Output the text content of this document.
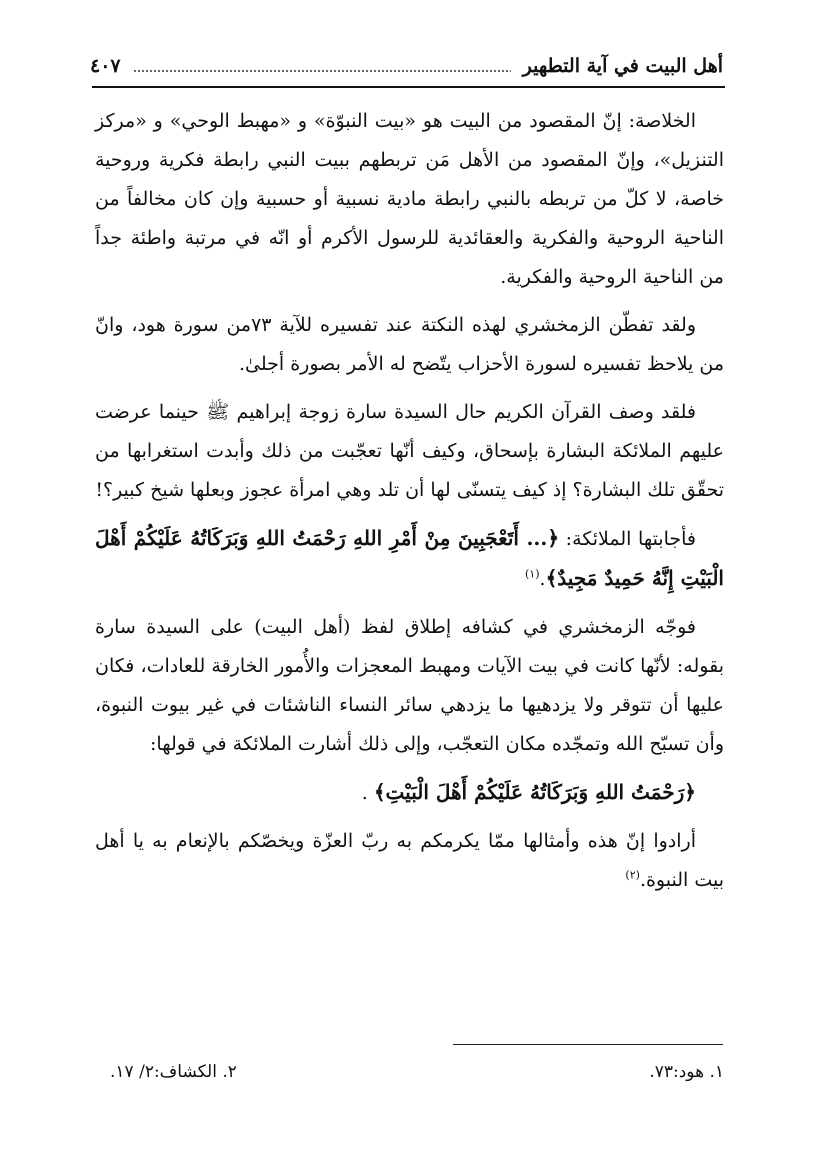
أهل البيت في آية التطهير
٤٠٧

الخلاصة: إنّ المقصود من البيت هو «بيت النبوّة» و «مهبط الوحي» و «مركز التنزيل»، وإنّ المقصود من الأهل مَن تربطهم ببيت النبي رابطة فكرية وروحية خاصة، لا كلّ من تربطه بالنبي رابطة مادية نسبية أو حسبية وإن كان مخالفاً من الناحية الروحية والفكرية والعقائدية للرسول الأكرم أو انّه في مرتبة واطئة جداً من الناحية الروحية والفكرية.

ولقد تفطّن الزمخشري لهذه النكتة عند تفسيره للآية ٧٣من سورة هود، وانّ من يلاحظ تفسيره لسورة الأحزاب يتّضح له الأمر بصورة أجلىٰ.

فلقد وصف القرآن الكريم حال السيدة سارة زوجة إبراهيم ﷺ حينما عرضت عليهم الملائكة البشارة بإسحاق، وكيف أنّها تعجّبت من ذلك وأبدت استغرابها من تحقّق تلك البشارة؟ إذ كيف يتسنّى لها أن تلد وهي امرأة عجوز وبعلها شيخ كبير؟!

فأجابتها الملائكة: ﴿... أَتَعْجَبِينَ مِنْ أَمْرِ اللهِ رَحْمَتُ اللهِ وَبَرَكَاتُهُ عَلَيْكُمْ أَهْلَ الْبَيْتِ إِنَّهُ حَمِيدٌ مَجِيدٌ﴾.$^{(١)}$

فوجّه الزمخشري في كشافه إطلاق لفظ (أهل البيت) على السيدة سارة بقوله: لأنّها كانت في بيت الآيات ومهبط المعجزات والأُمور الخارقة للعادات، فكان عليها أن تتوقر ولا يزدهيها ما يزدهي سائر النساء الناشئات في غير بيوت النبوة، وأن تسبّح الله وتمجّده مكان التعجّب، وإلى ذلك أشارت الملائكة في قولها:

﴿رَحْمَتُ اللهِ وَبَرَكَاتُهُ عَلَيْكُمْ أَهْلَ الْبَيْتِ﴾ .

أرادوا إنّ هذه وأمثالها ممّا يكرمكم به ربّ العزّة ويخصّكم بالإنعام به يا أهل بيت النبوة.$^{(٢)}$

١. هود:٧٣.
٢. الكشاف:٢/ ١٧.
